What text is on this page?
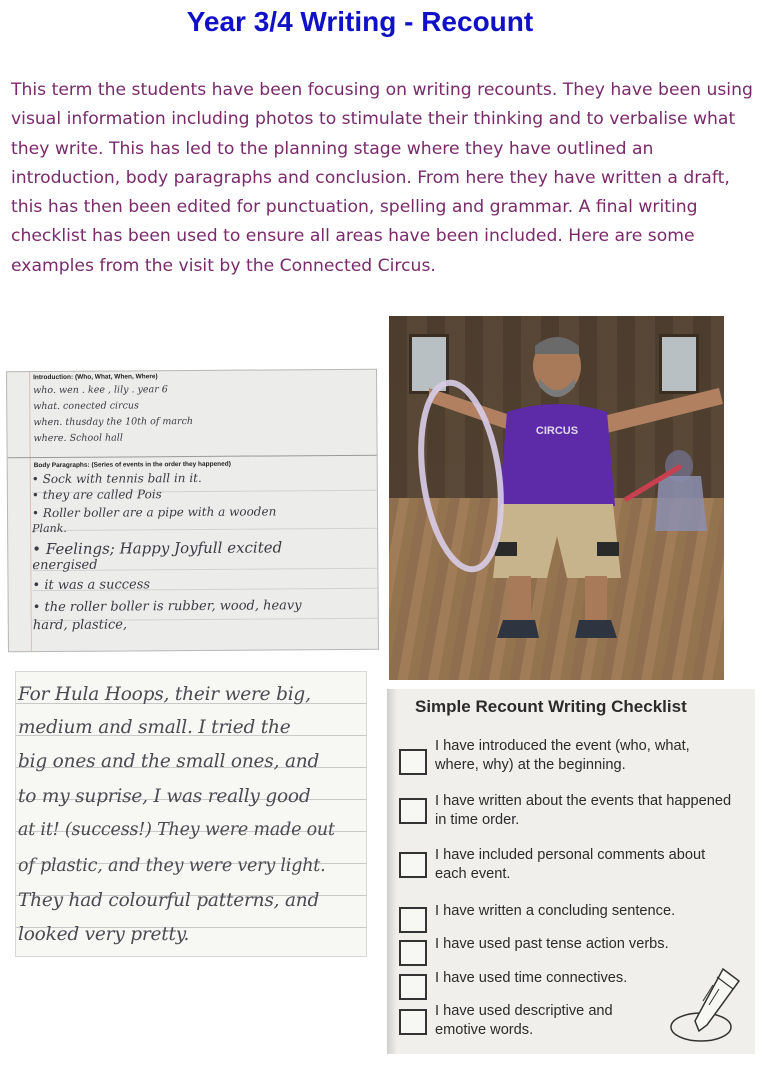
Year 3/4 Writing - Recount

This term the students have been focusing on writing recounts. They have been using visual information including photos to stimulate their thinking and to verbalise what they write. This has led to the planning stage where they have outlined an introduction, body paragraphs and conclusion. From here they have written a draft, this has then been edited for punctuation, spelling and grammar. A final writing checklist has been used to ensure all areas have been included. Here are some examples from the visit by the Connected Circus.

Introduction: (Who, What, When, Where)
who. wen . kee , lily . year 6
what. conected circus
when. thusday the 10th of march
where. School hall
Body Paragraphs: (Series of events in the order they happened)
• Sock with tennis ball in it.
• they are called Pois
• Roller boller are a pipe with a wooden
Plank.
• Feelings; Happy Joyfull excited
energised
• it was a success
• the roller boller is rubber, wood, heavy
hard, plastice,
CIRCUS
For Hula Hoops, their were big,
medium and small. I tried the
big ones and the small ones, and
to my suprise, I was really good
at it! (success!) They were made out
of plastic, and they were very light.
They had colourful patterns, and
looked very pretty.
Simple Recount Writing Checklist
I have introduced the event (who, what, where, why) at the beginning.
I have written about the events that happened in time order.
I have included personal comments about each event.
I have written a concluding sentence.
I have used past tense action verbs.
I have used time connectives.
I have used descriptive and emotive words.
